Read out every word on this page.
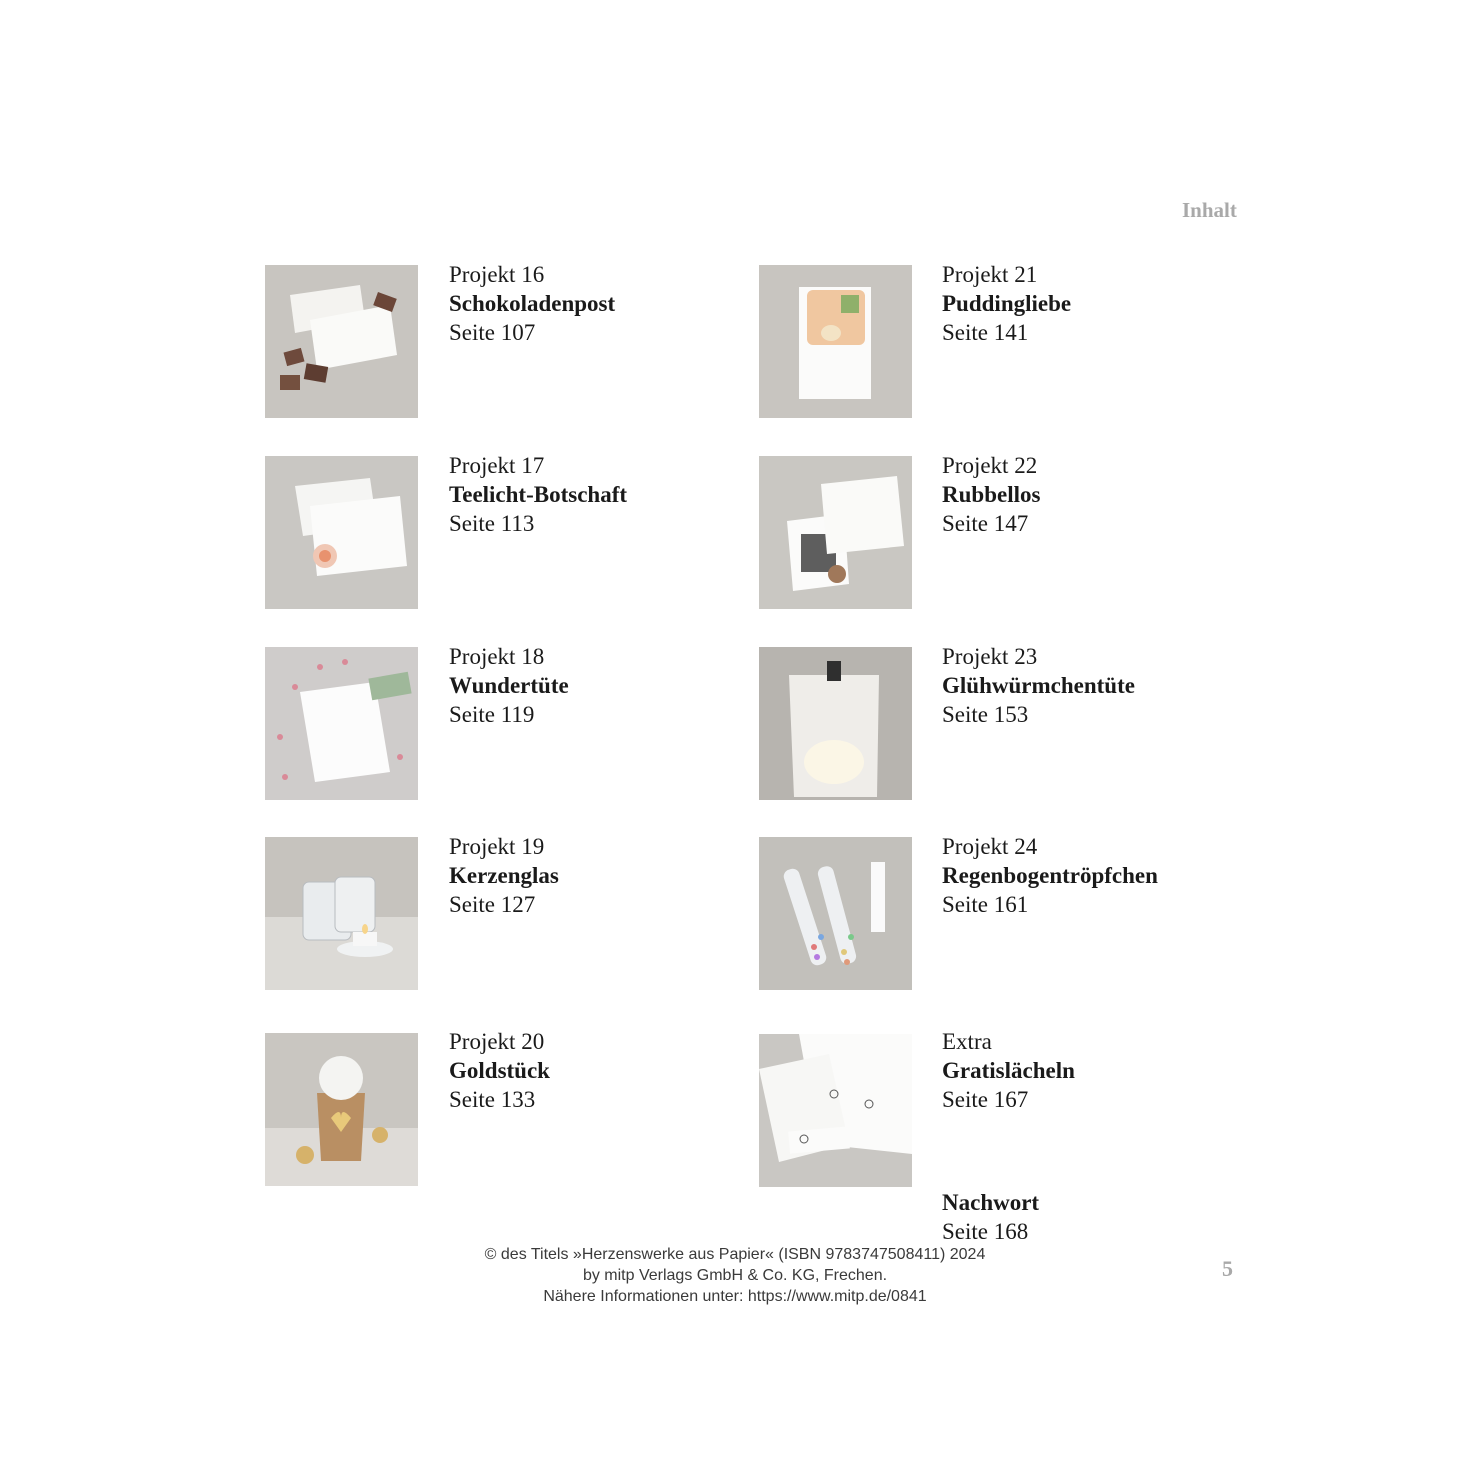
Inhalt
Projekt 16
Schokoladenpost
Seite 107
Projekt 17
Teelicht-Botschaft
Seite 113
Projekt 18
Wundertüte
Seite 119
Projekt 19
Kerzenglas
Seite 127
Projekt 20
Goldstück
Seite 133
Projekt 21
Puddingliebe
Seite 141
Projekt 22
Rubbellos
Seite 147
Projekt 23
Glühwürmchentüte
Seite 153
Projekt 24
Regenbogentröpfchen
Seite 161
Extra
Gratislächeln
Seite 167
Nachwort
Seite 168
© des Titels »Herzenswerke aus Papier« (ISBN 9783747508411) 2024
by mitp Verlags GmbH & Co. KG, Frechen.
Nähere Informationen unter: https://www.mitp.de/0841
5
